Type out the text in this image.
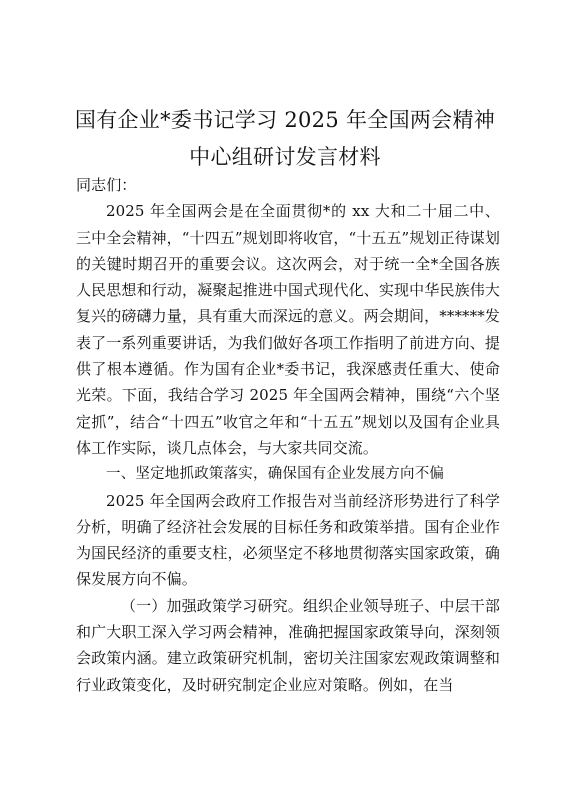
国有企业*委书记学习 2025 年全国两会精神
中心组研讨发言材料

同志们：

2025 年全国两会是在全面贯彻*的 xx 大和二十届二中、三中全会精神，“十四五”规划即将收官，“十五五”规划正待谋划的关键时期召开的重要会议。这次两会，对于统一全*全国各族人民思想和行动，凝聚起推进中国式现代化、实现中华民族伟大复兴的磅礴力量，具有重大而深远的意义。两会期间，******发表了一系列重要讲话，为我们做好各项工作指明了前进方向、提供了根本遵循。作为国有企业*委书记，我深感责任重大、使命光荣。下面，我结合学习 2025 年全国两会精神，围绕“六个坚定抓”，结合“十四五”收官之年和“十五五”规划以及国有企业具体工作实际，谈几点体会，与大家共同交流。

一、坚定地抓政策落实，确保国有企业发展方向不偏

2025 年全国两会政府工作报告对当前经济形势进行了科学分析，明确了经济社会发展的目标任务和政策举措。国有企业作为国民经济的重要支柱，必须坚定不移地贯彻落实国家政策，确保发展方向不偏。

（一）加强政策学习研究。组织企业领导班子、中层干部和广大职工深入学习两会精神，准确把握国家政策导向，深刻领会政策内涵。建立政策研究机制，密切关注国家宏观政策调整和行业政策变化，及时研究制定企业应对策略。例如，在当
